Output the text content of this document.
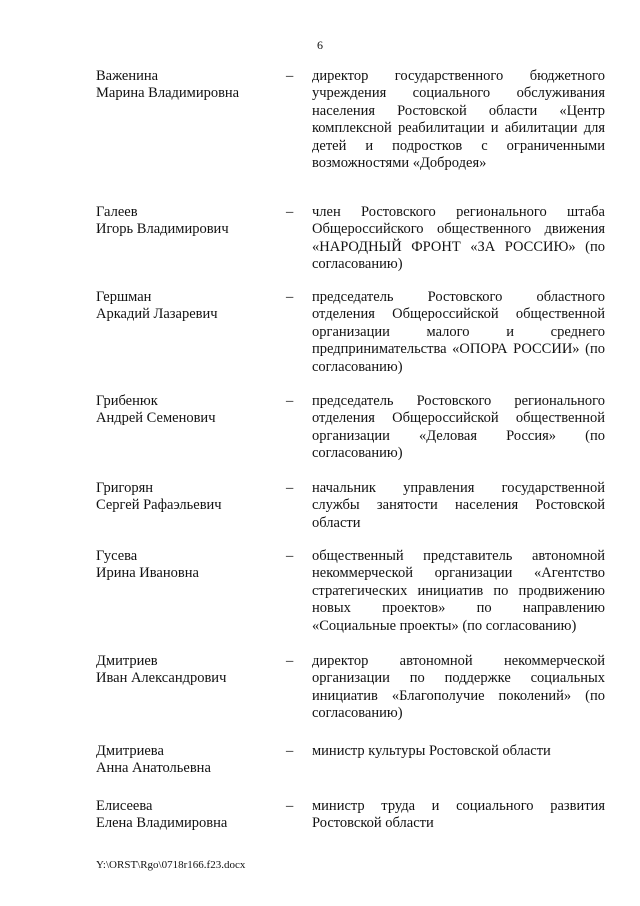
6
Важенина
Марина Владимировна
– директор государственного бюджетного учреждения социального обслуживания населения Ростовской области «Центр комплексной реабилитации и абилитации для детей и подростков с ограниченными возможностями «Добродея»
Галеев
Игорь Владимирович
– член Ростовского регионального штаба Общероссийского общественного движения «НАРОДНЫЙ ФРОНТ «ЗА РОССИЮ» (по согласованию)
Гершман
Аркадий Лазаревич
– председатель Ростовского областного отделения Общероссийской общественной организации малого и среднего предпринимательства «ОПОРА РОССИИ» (по согласованию)
Грибенюк
Андрей Семенович
– председатель Ростовского регионального отделения Общероссийской общественной организации «Деловая Россия» (по согласованию)
Григорян
Сергей Рафаэльевич
– начальник управления государственной службы занятости населения Ростовской области
Гусева
Ирина Ивановна
– общественный представитель автономной некоммерческой организации «Агентство стратегических инициатив по продвижению новых проектов» по направлению «Социальные проекты» (по согласованию)
Дмитриев
Иван Александрович
– директор автономной некоммерческой организации по поддержке социальных инициатив «Благополучие поколений» (по согласованию)
Дмитриева
Анна Анатольевна
– министр культуры Ростовской области
Елисеева
Елена Владимировна
– министр труда и социального развития Ростовской области
Y:\ORST\Rgo\0718r166.f23.docx
